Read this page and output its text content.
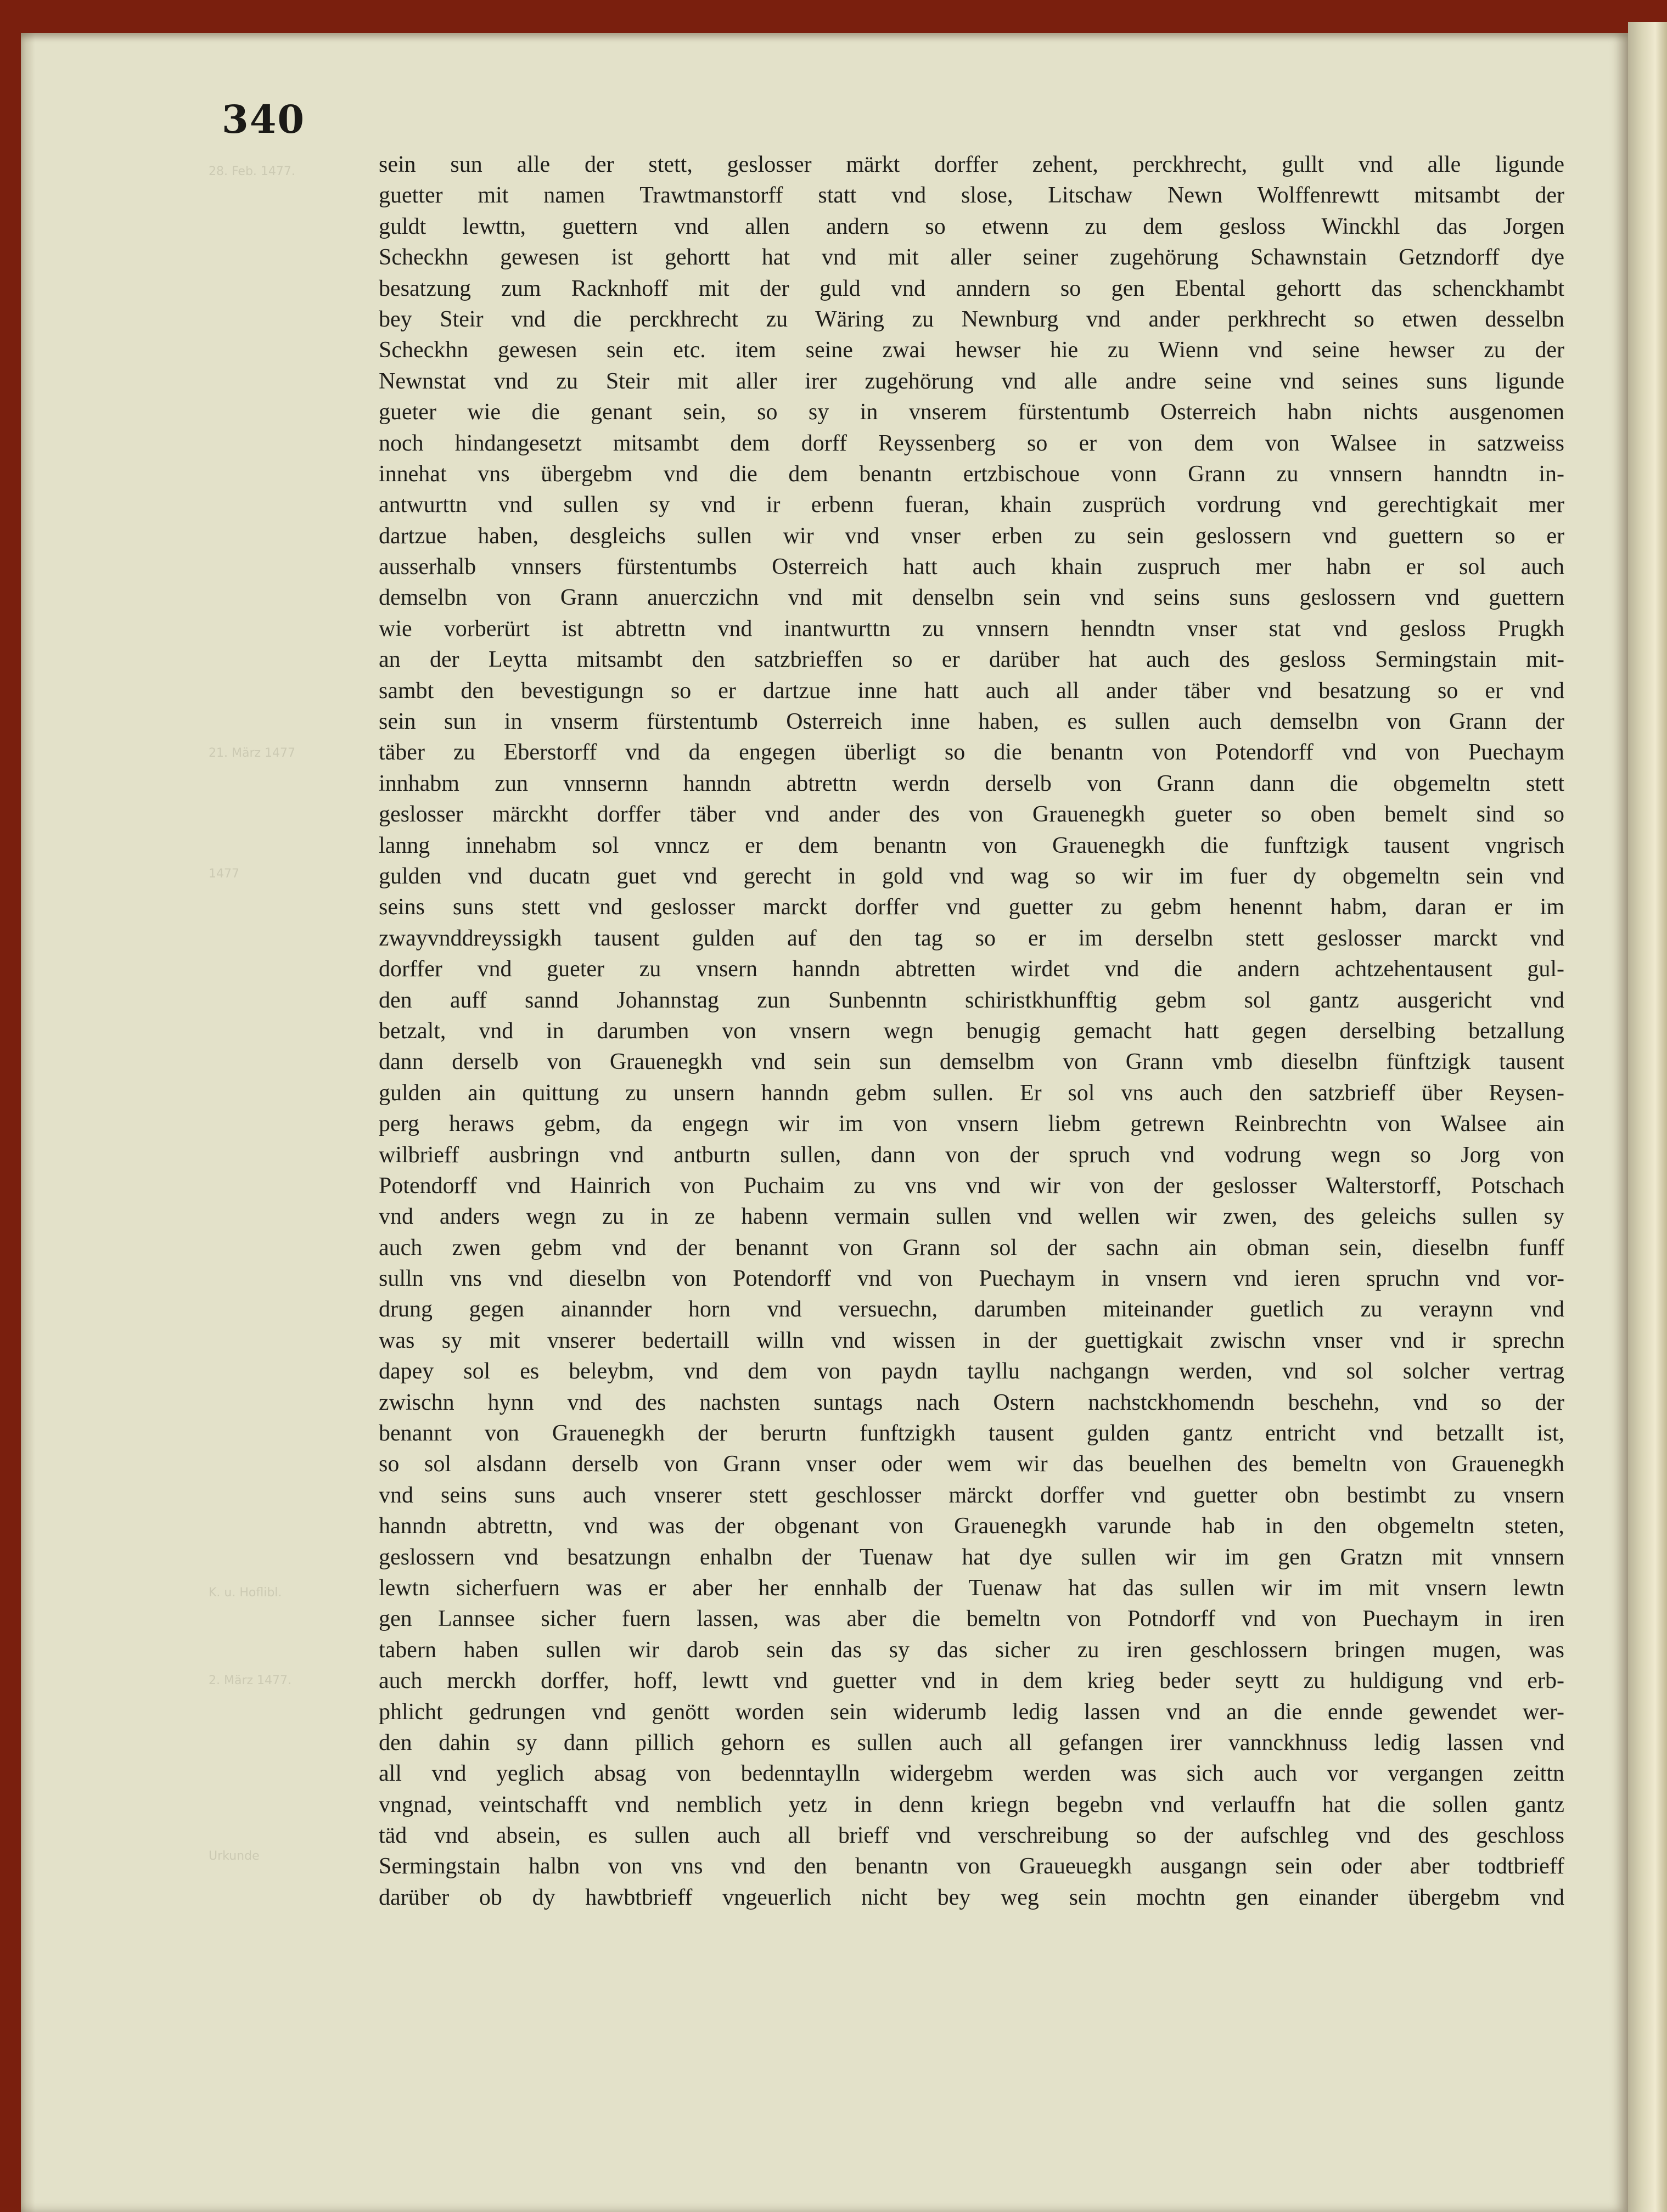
340
28. Feb. 1477.
21. März 1477
1477
K. u. Hoflibl.
2. März 1477.
Urkunde
sein sun alle der stett, geslosser märkt dorffer zehent, perckhrecht, gullt vnd alle ligunde
guetter mit namen Trawtmanstorff statt vnd slose, Litschaw Newn Wolffenrewtt mitsambt der
guldt lewttn, guettern vnd allen andern so etwenn zu dem gesloss Winckhl das Jorgen
Scheckhn gewesen ist gehortt hat vnd mit aller seiner zugehörung Schawnstain Getzndorff dye
besatzung zum Racknhoff mit der guld vnd anndern so gen Ebental gehortt das schenckhambt
bey Steir vnd die perckhrecht zu Wäring zu Newnburg vnd ander perkhrecht so etwen desselbn
Scheckhn gewesen sein etc. item seine zwai hewser hie zu Wienn vnd seine hewser zu der
Newnstat vnd zu Steir mit aller irer zugehörung vnd alle andre seine vnd seines suns ligunde
gueter wie die genant sein, so sy in vnserem fürstentumb Osterreich habn nichts ausgenomen
noch hindangesetzt mitsambt dem dorff Reyssenberg so er von dem von Walsee in satzweiss
innehat vns übergebm vnd die dem benantn ertzbischoue vonn Grann zu vnnsern hanndtn in-
antwurttn vnd sullen sy vnd ir erbenn fueran, khain zusprüch vordrung vnd gerechtigkait mer
dartzue haben, desgleichs sullen wir vnd vnser erben zu sein geslossern vnd guettern so er
ausserhalb vnnsers fürstentumbs Osterreich hatt auch khain zuspruch mer habn er sol auch
demselbn von Grann anuerczichn vnd mit denselbn sein vnd seins suns geslossern vnd guettern
wie vorberürt ist abtrettn vnd inantwurttn zu vnnsern henndtn vnser stat vnd gesloss Prugkh
an der Leytta mitsambt den satzbrieffen so er darüber hat auch des gesloss Sermingstain mit-
sambt den bevestigungn so er dartzue inne hatt auch all ander täber vnd besatzung so er vnd
sein sun in vnserm fürstentumb Osterreich inne haben, es sullen auch demselbn von Grann der
täber zu Eberstorff vnd da engegen überligt so die benantn von Potendorff vnd von Puechaym
innhabm zun vnnsernn hanndn abtrettn werdn derselb von Grann dann die obgemeltn stett
geslosser märckht dorffer täber vnd ander des von Grauenegkh gueter so oben bemelt sind so
lanng innehabm sol vnncz er dem benantn von Grauenegkh die funftzigk tausent vngrisch
gulden vnd ducatn guet vnd gerecht in gold vnd wag so wir im fuer dy obgemeltn sein vnd
seins suns stett vnd geslosser marckt dorffer vnd guetter zu gebm henennt habm, daran er im
zwayvnddreyssigkh tausent gulden auf den tag so er im derselbn stett geslosser marckt vnd
dorffer vnd gueter zu vnsern hanndn abtretten wirdet vnd die andern achtzehentausent gul-
den auff sannd Johannstag zun Sunbenntn schiristkhunfftig gebm sol gantz ausgericht vnd
betzalt, vnd in darumben von vnsern wegn benugig gemacht hatt gegen derselbing betzallung
dann derselb von Grauenegkh vnd sein sun demselbm von Grann vmb dieselbn fünftzigk tausent
gulden ain quittung zu unsern hanndn gebm sullen. Er sol vns auch den satzbrieff über Reysen-
perg heraws gebm, da engegn wir im von vnsern liebm getrewn Reinbrechtn von Walsee ain
wilbrieff ausbringn vnd antburtn sullen, dann von der spruch vnd vodrung wegn so Jorg von
Potendorff vnd Hainrich von Puchaim zu vns vnd wir von der geslosser Walterstorff, Potschach
vnd anders wegn zu in ze habenn vermain sullen vnd wellen wir zwen, des geleichs sullen sy
auch zwen gebm vnd der benannt von Grann sol der sachn ain obman sein, dieselbn funff
sulln vns vnd dieselbn von Potendorff vnd von Puechaym in vnsern vnd ieren spruchn vnd vor-
drung gegen ainannder horn vnd versuechn, darumben miteinander guetlich zu veraynn vnd
was sy mit vnserer bedertaill willn vnd wissen in der guettigkait zwischn vnser vnd ir sprechn
dapey sol es beleybm, vnd dem von paydn tayllu nachgangn werden, vnd sol solcher vertrag
zwischn hynn vnd des nachsten suntags nach Ostern nachstckhomendn beschehn, vnd so der
benannt von Grauenegkh der berurtn funftzigkh tausent gulden gantz entricht vnd betzallt ist,
so sol alsdann derselb von Grann vnser oder wem wir das beuelhen des bemeltn von Grauenegkh
vnd seins suns auch vnserer stett geschlosser märckt dorffer vnd guetter obn bestimbt zu vnsern
hanndn abtrettn, vnd was der obgenant von Grauenegkh varunde hab in den obgemeltn steten,
geslossern vnd besatzungn enhalbn der Tuenaw hat dye sullen wir im gen Gratzn mit vnnsern
lewtn sicherfuern was er aber her ennhalb der Tuenaw hat das sullen wir im mit vnsern lewtn
gen Lannsee sicher fuern lassen, was aber die bemeltn von Potndorff vnd von Puechaym in iren
tabern haben sullen wir darob sein das sy das sicher zu iren geschlossern bringen mugen, was
auch merckh dorffer, hoff, lewtt vnd guetter vnd in dem krieg beder seytt zu huldigung vnd erb-
phlicht gedrungen vnd genött worden sein widerumb ledig lassen vnd an die ennde gewendet wer-
den dahin sy dann pillich gehorn es sullen auch all gefangen irer vannckhnuss ledig lassen vnd
all vnd yeglich absag von bedenntaylln widergebm werden was sich auch vor vergangen zeittn
vngnad, veintschafft vnd nemblich yetz in denn kriegn begebn vnd verlauffn hat die sollen gantz
täd vnd absein, es sullen auch all brieff vnd verschreibung so der aufschleg vnd des geschloss
Sermingstain halbn von vns vnd den benantn von Graueuegkh ausgangn sein oder aber todtbrieff
darüber ob dy hawbtbrieff vngeuerlich nicht bey weg sein mochtn gen einander übergebm vnd
